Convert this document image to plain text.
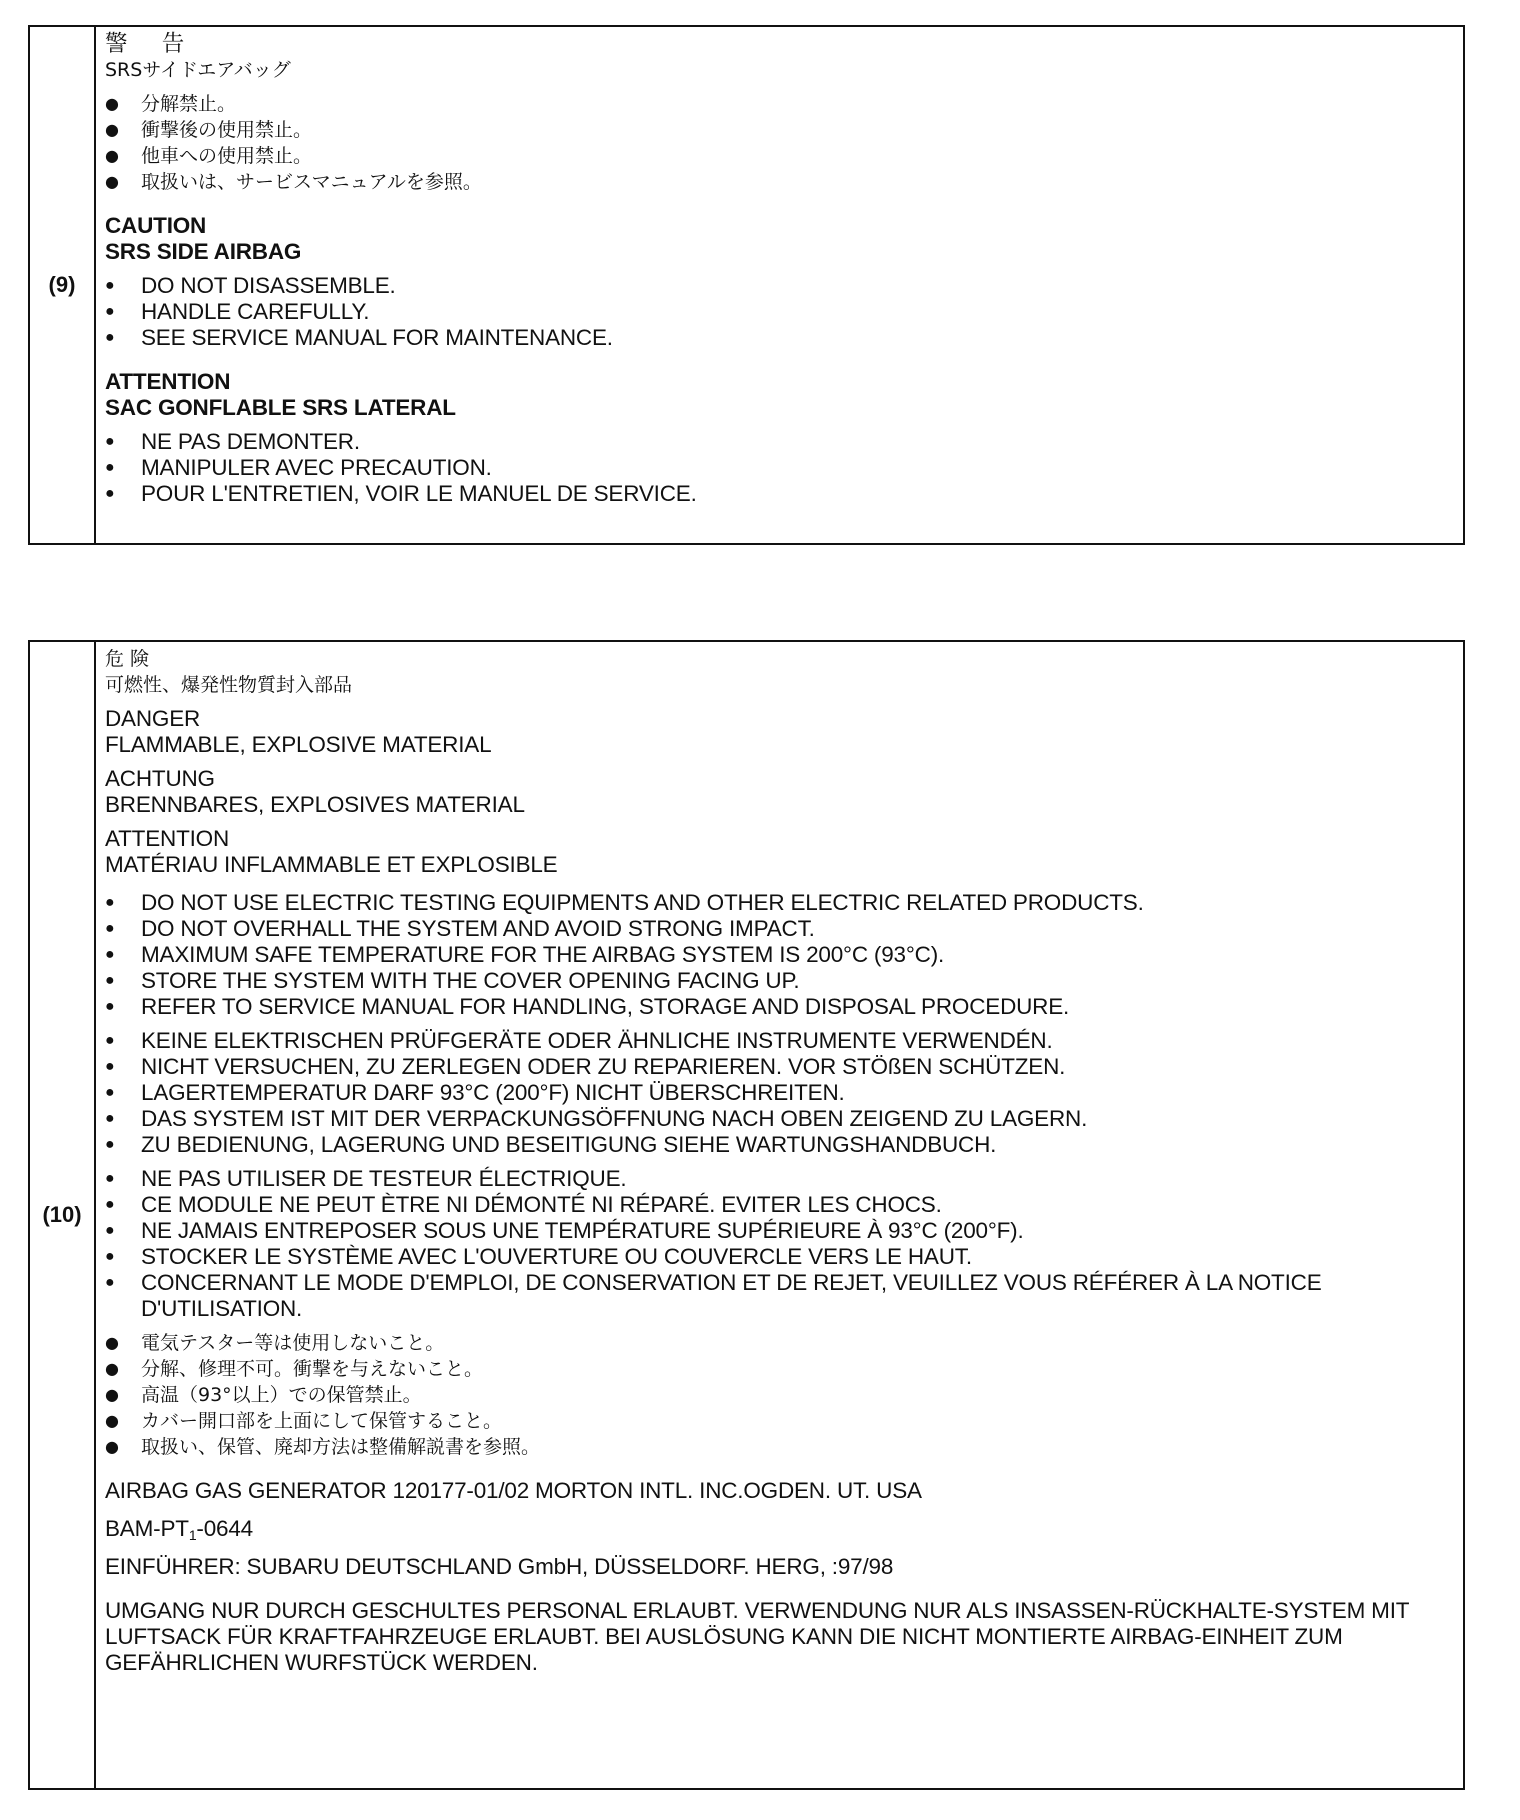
(9)
警 告
SRSサイドエアバッグ
● 分解禁止。
● 衝撃後の使用禁止。
● 他車への使用禁止。
● 取扱いは、サービスマニュアルを参照。
CAUTION
SRS SIDE AIRBAG
● DO NOT DISASSEMBLE.
● HANDLE CAREFULLY.
● SEE SERVICE MANUAL FOR MAINTENANCE.
ATTENTION
SAC GONFLABLE SRS LATERAL
● NE PAS DEMONTER.
● MANIPULER AVEC PRECAUTION.
● POUR L'ENTRETIEN, VOIR LE MANUEL DE SERVICE.
(10)
危 険
可燃性、爆発性物質封入部品
DANGER
FLAMMABLE, EXPLOSIVE MATERIAL
ACHTUNG
BRENNBARES, EXPLOSIVES MATERIAL
ATTENTION
MATÉRIAU INFLAMMABLE ET EXPLOSIBLE
● DO NOT USE ELECTRIC TESTING EQUIPMENTS AND OTHER ELECTRIC RELATED PRODUCTS.
● DO NOT OVERHALL THE SYSTEM AND AVOID STRONG IMPACT.
● MAXIMUM SAFE TEMPERATURE FOR THE AIRBAG SYSTEM IS 200°C (93°C).
● STORE THE SYSTEM WITH THE COVER OPENING FACING UP.
● REFER TO SERVICE MANUAL FOR HANDLING, STORAGE AND DISPOSAL PROCEDURE.
● KEINE ELEKTRISCHEN PRÜFGERÄTE ODER ÄHNLICHE INSTRUMENTE VERWENDÉN.
● NICHT VERSUCHEN, ZU ZERLEGEN ODER ZU REPARIEREN. VOR STÖßEN SCHÜTZEN.
● LAGERTEMPERATUR DARF 93°C (200°F) NICHT ÜBERSCHREITEN.
● DAS SYSTEM IST MIT DER VERPACKUNGSÖFFNUNG NACH OBEN ZEIGEND ZU LAGERN.
● ZU BEDIENUNG, LAGERUNG UND BESEITIGUNG SIEHE WARTUNGSHANDBUCH.
● NE PAS UTILISER DE TESTEUR ÉLECTRIQUE.
● CE MODULE NE PEUT ÈTRE NI DÉMONTÉ NI RÉPARÉ. EVITER LES CHOCS.
● NE JAMAIS ENTREPOSER SOUS UNE TEMPÉRATURE SUPÉRIEURE À 93°C (200°F).
● STOCKER LE SYSTÈME AVEC L'OUVERTURE OU COUVERCLE VERS LE HAUT.
● CONCERNANT LE MODE D'EMPLOI, DE CONSERVATION ET DE REJET, VEUILLEZ VOUS RÉFÉRER À LA NOTICE D'UTILISATION.
● 電気テスター等は使用しないこと。
● 分解、修理不可。衝撃を与えないこと。
● 高温（93°以上）での保管禁止。
● カバー開口部を上面にして保管すること。
● 取扱い、保管、廃却方法は整備解説書を参照。
AIRBAG GAS GENERATOR 120177-01/02 MORTON INTL. INC.OGDEN. UT. USA
BAM-$PT_1-0644$
EINFÜHRER: SUBARU DEUTSCHLAND GmbH, DÜSSELDORF. HERG, :97/98
UMGANG NUR DURCH GESCHULTES PERSONAL ERLAUBT. VERWENDUNG NUR ALS INSASSEN-RÜCKHALTE-SYSTEM MIT LUFTSACK FÜR KRAFTFAHRZEUGE ERLAUBT. BEI AUSLÖSUNG KANN DIE NICHT MONTIERTE AIRBAG-EINHEIT ZUM GEFÄHRLICHEN WURFSTÜCK WERDEN.
